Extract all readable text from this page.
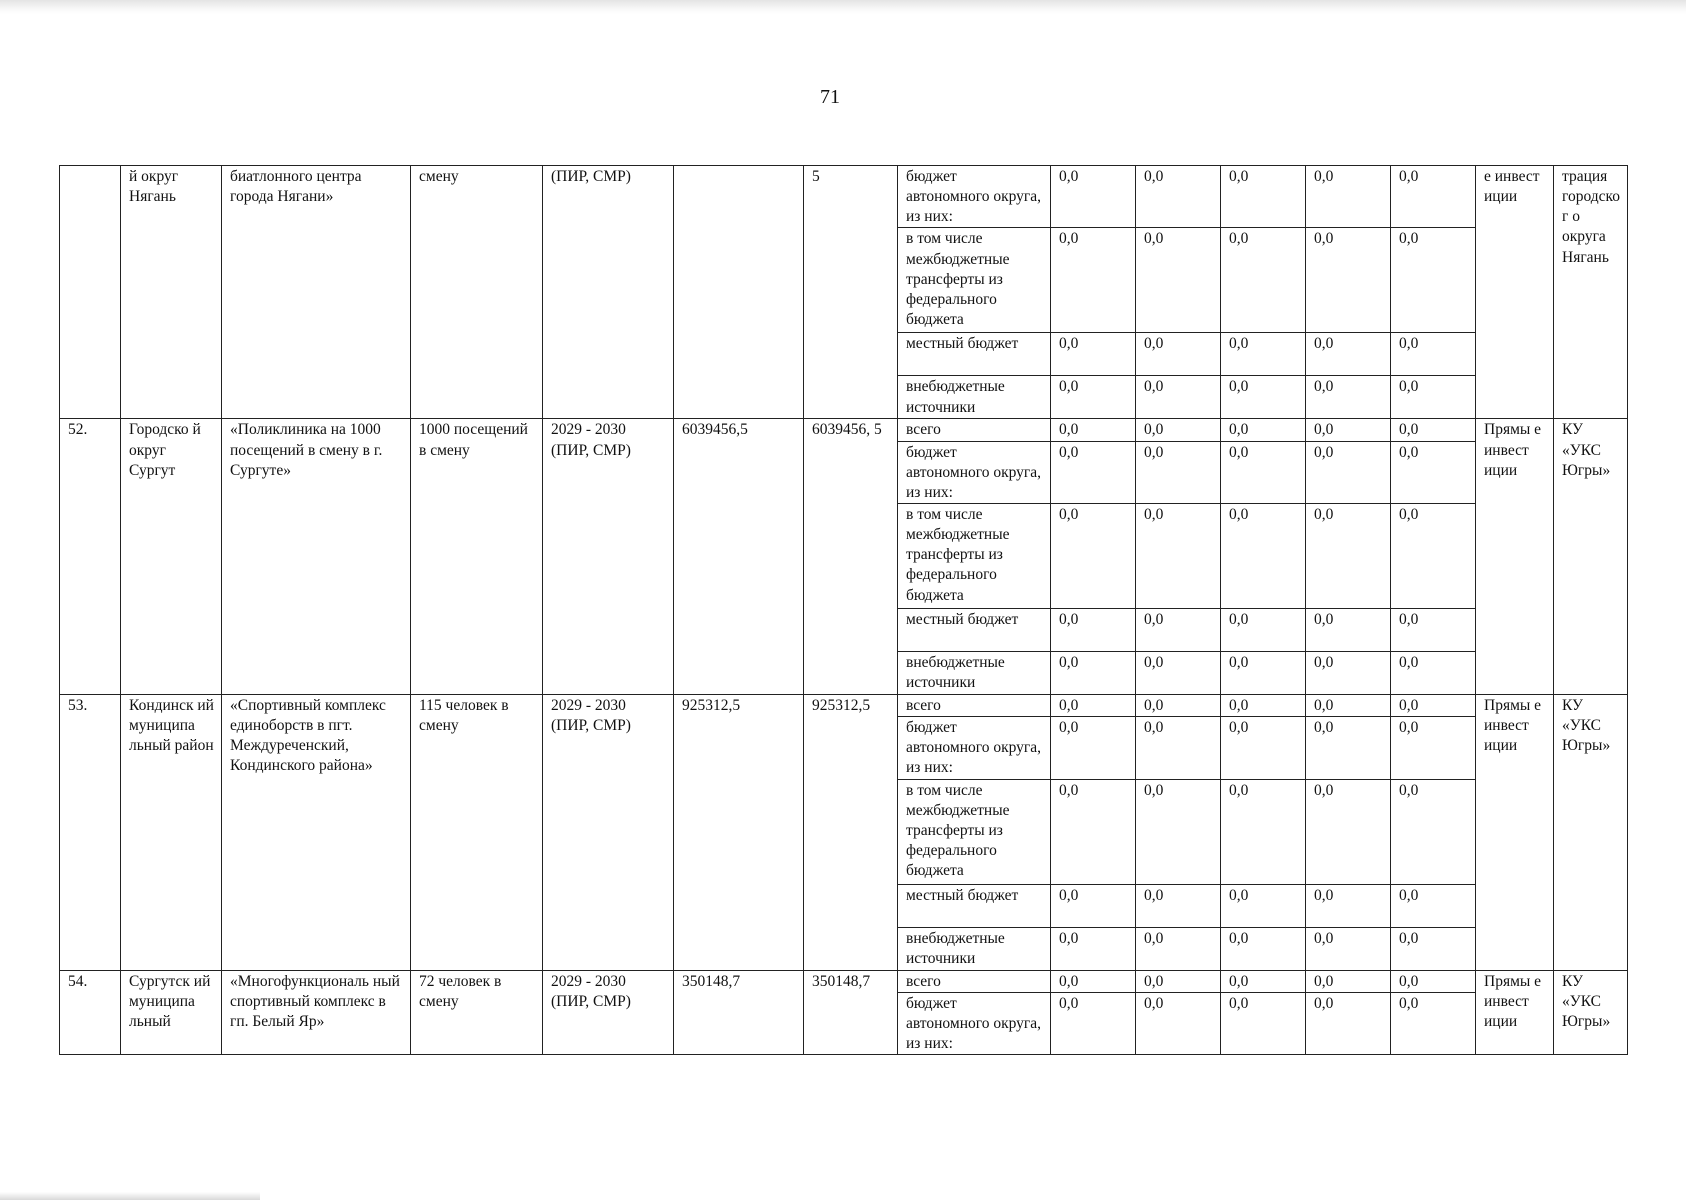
71
	й округ Нягань	биатлонного центра города Нягани»	смену	(ПИР, СМР)		5	бюджет автономного округа, из них:	0,0	0,0	0,0	0,0	0,0	е инвест иции	трация городског о округа Нягань
							в том числе межбюджетные трансферты из федерального бюджета	0,0	0,0	0,0	0,0	0,0		
							местный бюджет	0,0	0,0	0,0	0,0	0,0		
							внебюджетные источники	0,0	0,0	0,0	0,0	0,0		
52.	Городско й округ Сургут	«Поликлиника на 1000 посещений в смену в г. Сургуте»	1000 посещений в смену	2029 - 2030 (ПИР, СМР)	6039456,5	6039456, 5	всего	0,0	0,0	0,0	0,0	0,0	Прямы е инвест иции	КУ «УКС Югры»
							бюджет автономного округа, из них:	0,0	0,0	0,0	0,0	0,0		
							в том числе межбюджетные трансферты из федерального бюджета	0,0	0,0	0,0	0,0	0,0		
							местный бюджет	0,0	0,0	0,0	0,0	0,0		
							внебюджетные источники	0,0	0,0	0,0	0,0	0,0		
53.	Кондинск ий муниципа льный район	«Спортивный комплекс единоборств в пгт. Междуреченский, Кондинского района»	115 человек в смену	2029 - 2030 (ПИР, СМР)	925312,5	925312,5	всего	0,0	0,0	0,0	0,0	0,0	Прямы е инвест иции	КУ «УКС Югры»
							бюджет автономного округа, из них:	0,0	0,0	0,0	0,0	0,0		
							в том числе межбюджетные трансферты из федерального бюджета	0,0	0,0	0,0	0,0	0,0		
							местный бюджет	0,0	0,0	0,0	0,0	0,0		
							внебюджетные источники	0,0	0,0	0,0	0,0	0,0		
54.	Сургутск ий муниципа льный	«Многофункциональ ный спортивный комплекс в гп. Белый Яр»	72 человек в смену	2029 - 2030 (ПИР, СМР)	350148,7	350148,7	всего	0,0	0,0	0,0	0,0	0,0	Прямы е инвест иции	КУ «УКС Югры»
							бюджет автономного округа, из них:	0,0	0,0	0,0	0,0	0,0		
